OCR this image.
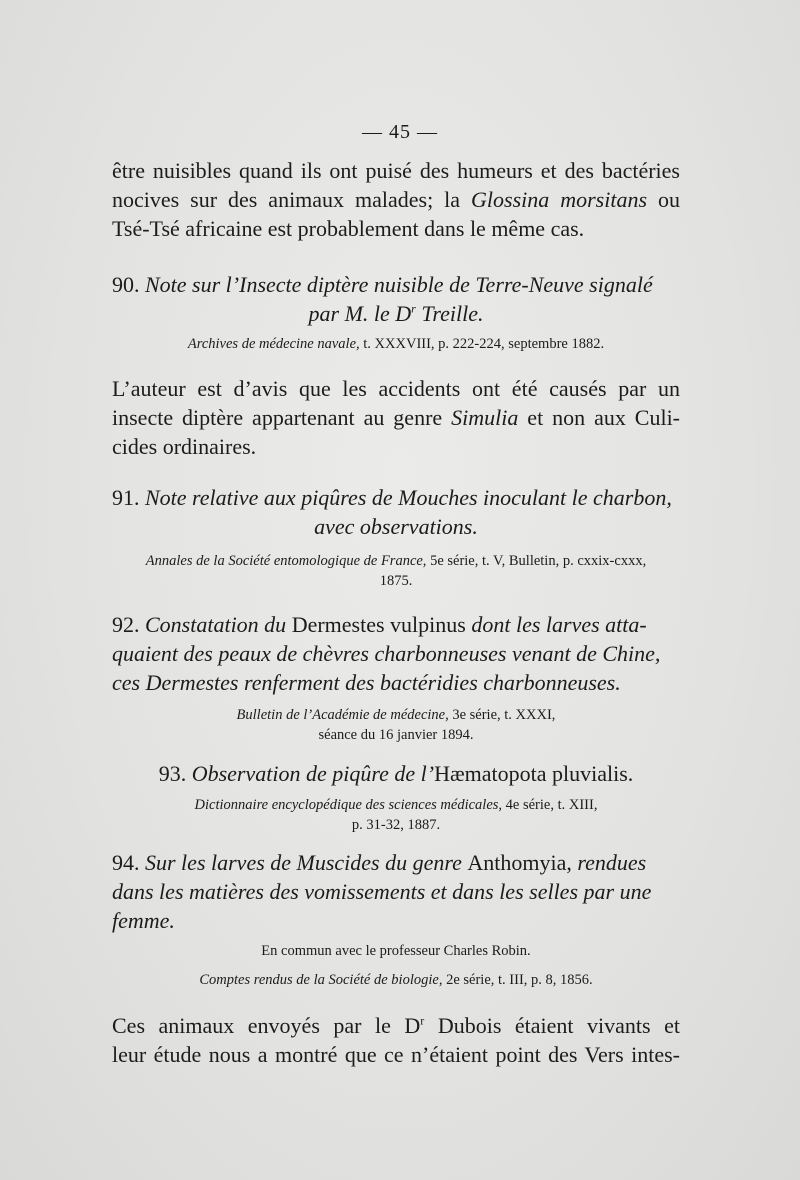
— 45 —

être nuisibles quand ils ont puisé des humeurs et des bactéries
nocives sur des animaux malades; la Glossina morsitans ou
Tsé-Tsé africaine est probablement dans le même cas.

90. Note sur l’Insecte diptère nuisible de Terre-Neuve signalé
par M. le $D^r$ Treille.

Archives de médecine navale, t. XXXVIII, p. 222-224, septembre 1882.

L’auteur est d’avis que les accidents ont été causés par un
insecte diptère appartenant au genre Simulia et non aux Culi-
cides ordinaires.

91. Note relative aux piqûres de Mouches inoculant le charbon,
avec observations.

Annales de la Société entomologique de France, 5e série, t. V, Bulletin, p. cxxix-cxxx,
1875.

92. Constatation du Dermestes vulpinus dont les larves atta-
quaient des peaux de chèvres charbonneuses venant de Chine,
ces Dermestes renferment des bactéridies charbonneuses.

Bulletin de l’Académie de médecine, 3e série, t. XXXI,
séance du 16 janvier 1894.

93. Observation de piqûre de l’Hæmatopota pluvialis.

Dictionnaire encyclopédique des sciences médicales, 4e série, t. XIII,
p. 31-32, 1887.

94. Sur les larves de Muscides du genre Anthomyia, rendues
dans les matières des vomissements et dans les selles par une
femme.

En commun avec le professeur Charles Robin.

Comptes rendus de la Société de biologie, 2e série, t. III, p. 8, 1856.

Ces animaux envoyés par le $D^r$ Dubois étaient vivants et
leur étude nous a montré que ce n’étaient point des Vers intes-
